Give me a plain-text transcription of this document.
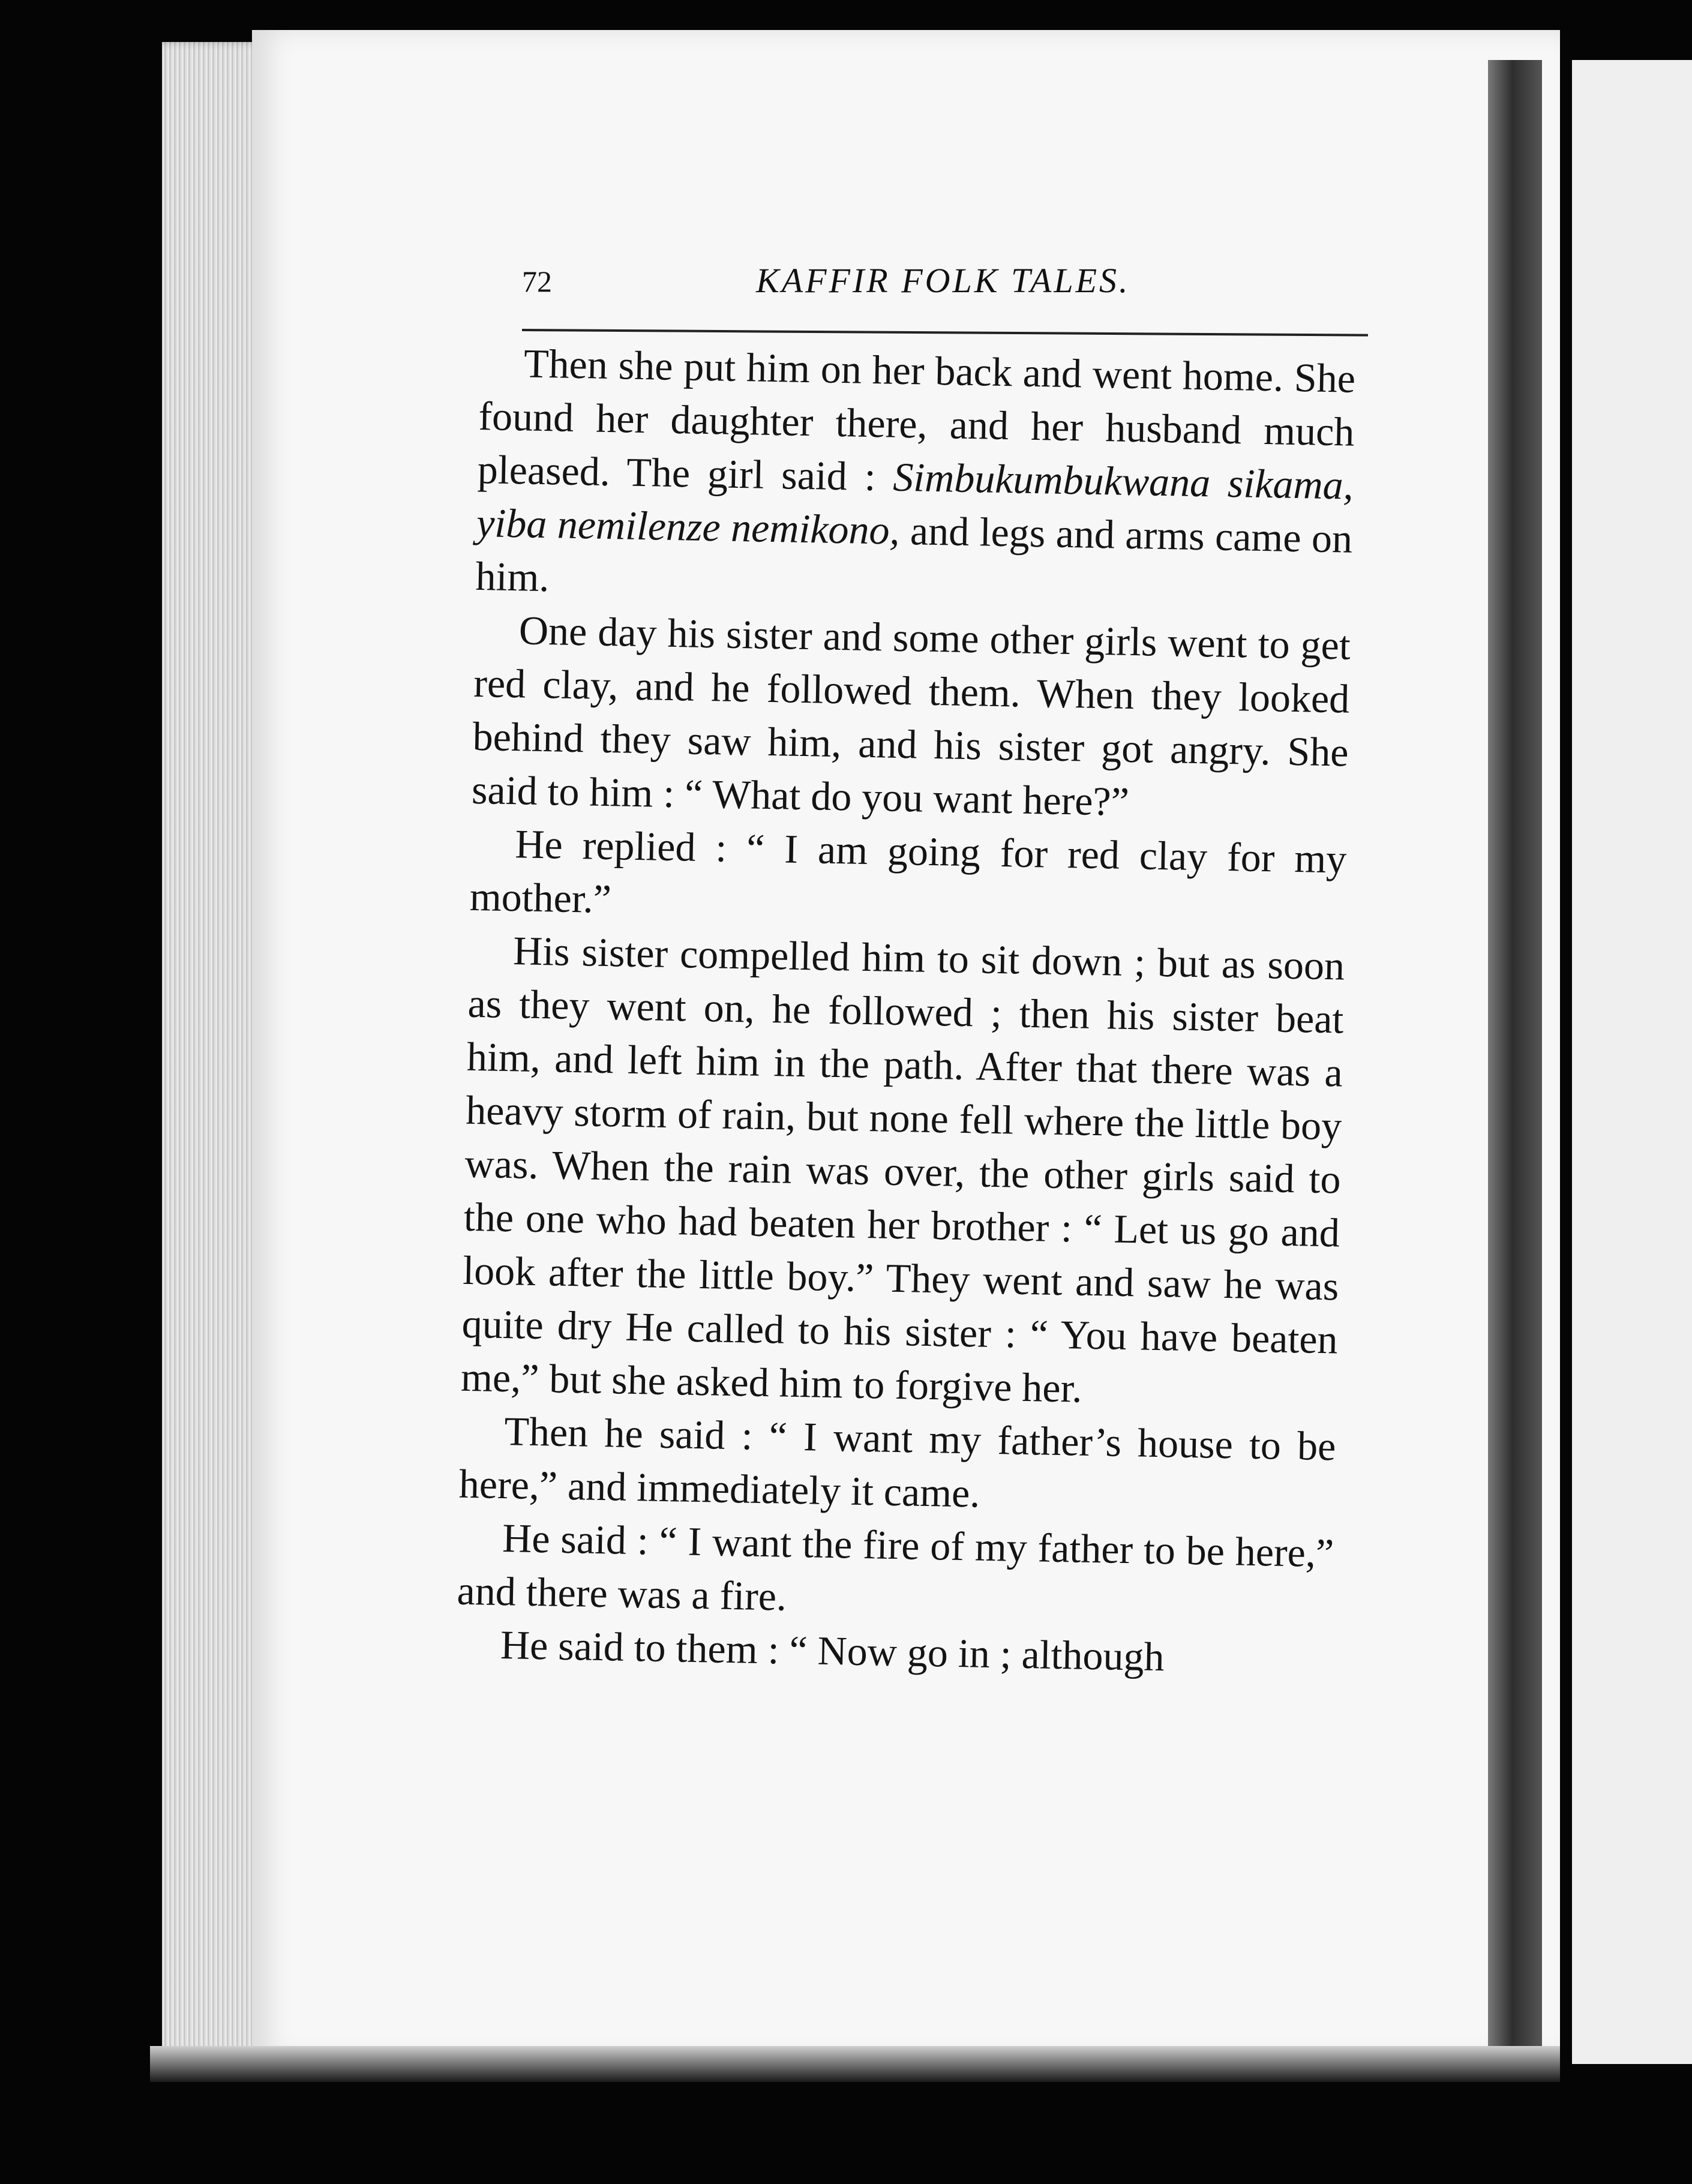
72	KAFFIR FOLK TALES.

Then she put him on her back and went home. She found her daughter there, and her husband much pleased. The girl said : Simbukumbukwana sikama, yiba nemilenze nemikono, and legs and arms came on him.

One day his sister and some other girls went to get red clay, and he followed them. When they looked behind they saw him, and his sister got angry. She said to him : “ What do you want here?”

He replied : “ I am going for red clay for my mother.”

His sister compelled him to sit down ; but as soon as they went on, he followed ; then his sister beat him, and left him in the path. After that there was a heavy storm of rain, but none fell where the little boy was. When the rain was over, the other girls said to the one who had beaten her brother : “ Let us go and look after the little boy.” They went and saw he was quite dry He called to his sister : “ You have beaten me,” but she asked him to forgive her.

Then he said : “ I want my father’s house to be here,” and immediately it came.

He said : “ I want the fire of my father to be here,” and there was a fire.

He said to them : “ Now go in ; although
